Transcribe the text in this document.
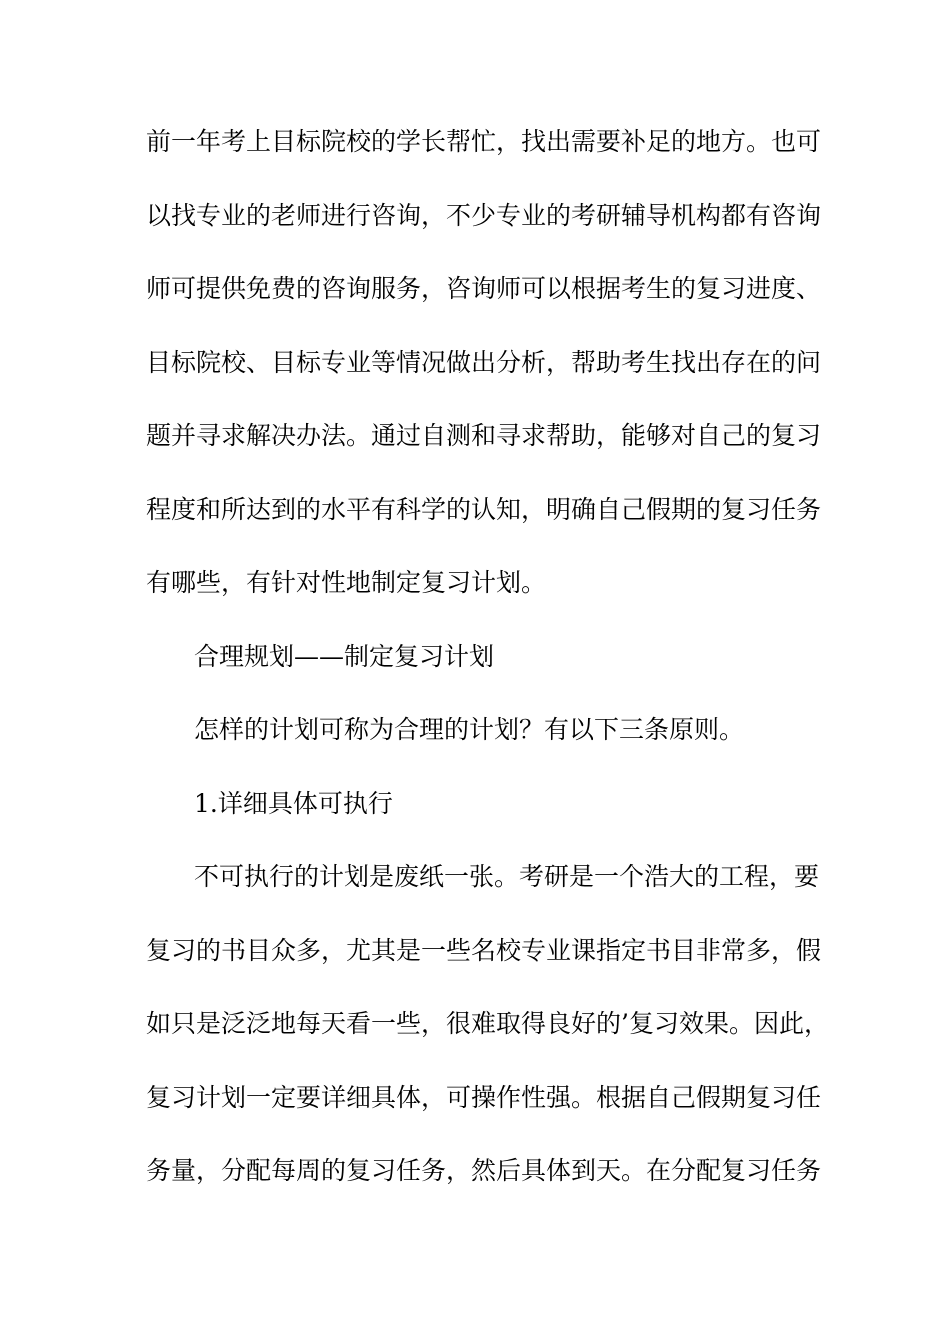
前一年考上目标院校的学长帮忙，找出需要补足的地方。也可
以找专业的老师进行咨询，不少专业的考研辅导机构都有咨询
师可提供免费的咨询服务，咨询师可以根据考生的复习进度、
目标院校、目标专业等情况做出分析，帮助考生找出存在的问
题并寻求解决办法。通过自测和寻求帮助，能够对自己的复习
程度和所达到的水平有科学的认知，明确自己假期的复习任务
有哪些，有针对性地制定复习计划。
合理规划——制定复习计划
怎样的计划可称为合理的计划？有以下三条原则。
1.详细具体可执行
不可执行的计划是废纸一张。考研是一个浩大的工程，要
复习的书目众多，尤其是一些名校专业课指定书目非常多，假
如只是泛泛地每天看一些，很难取得良好的’复习效果。因此，
复习计划一定要详细具体，可操作性强。根据自己假期复习任
务量，分配每周的复习任务，然后具体到天。在分配复习任务
